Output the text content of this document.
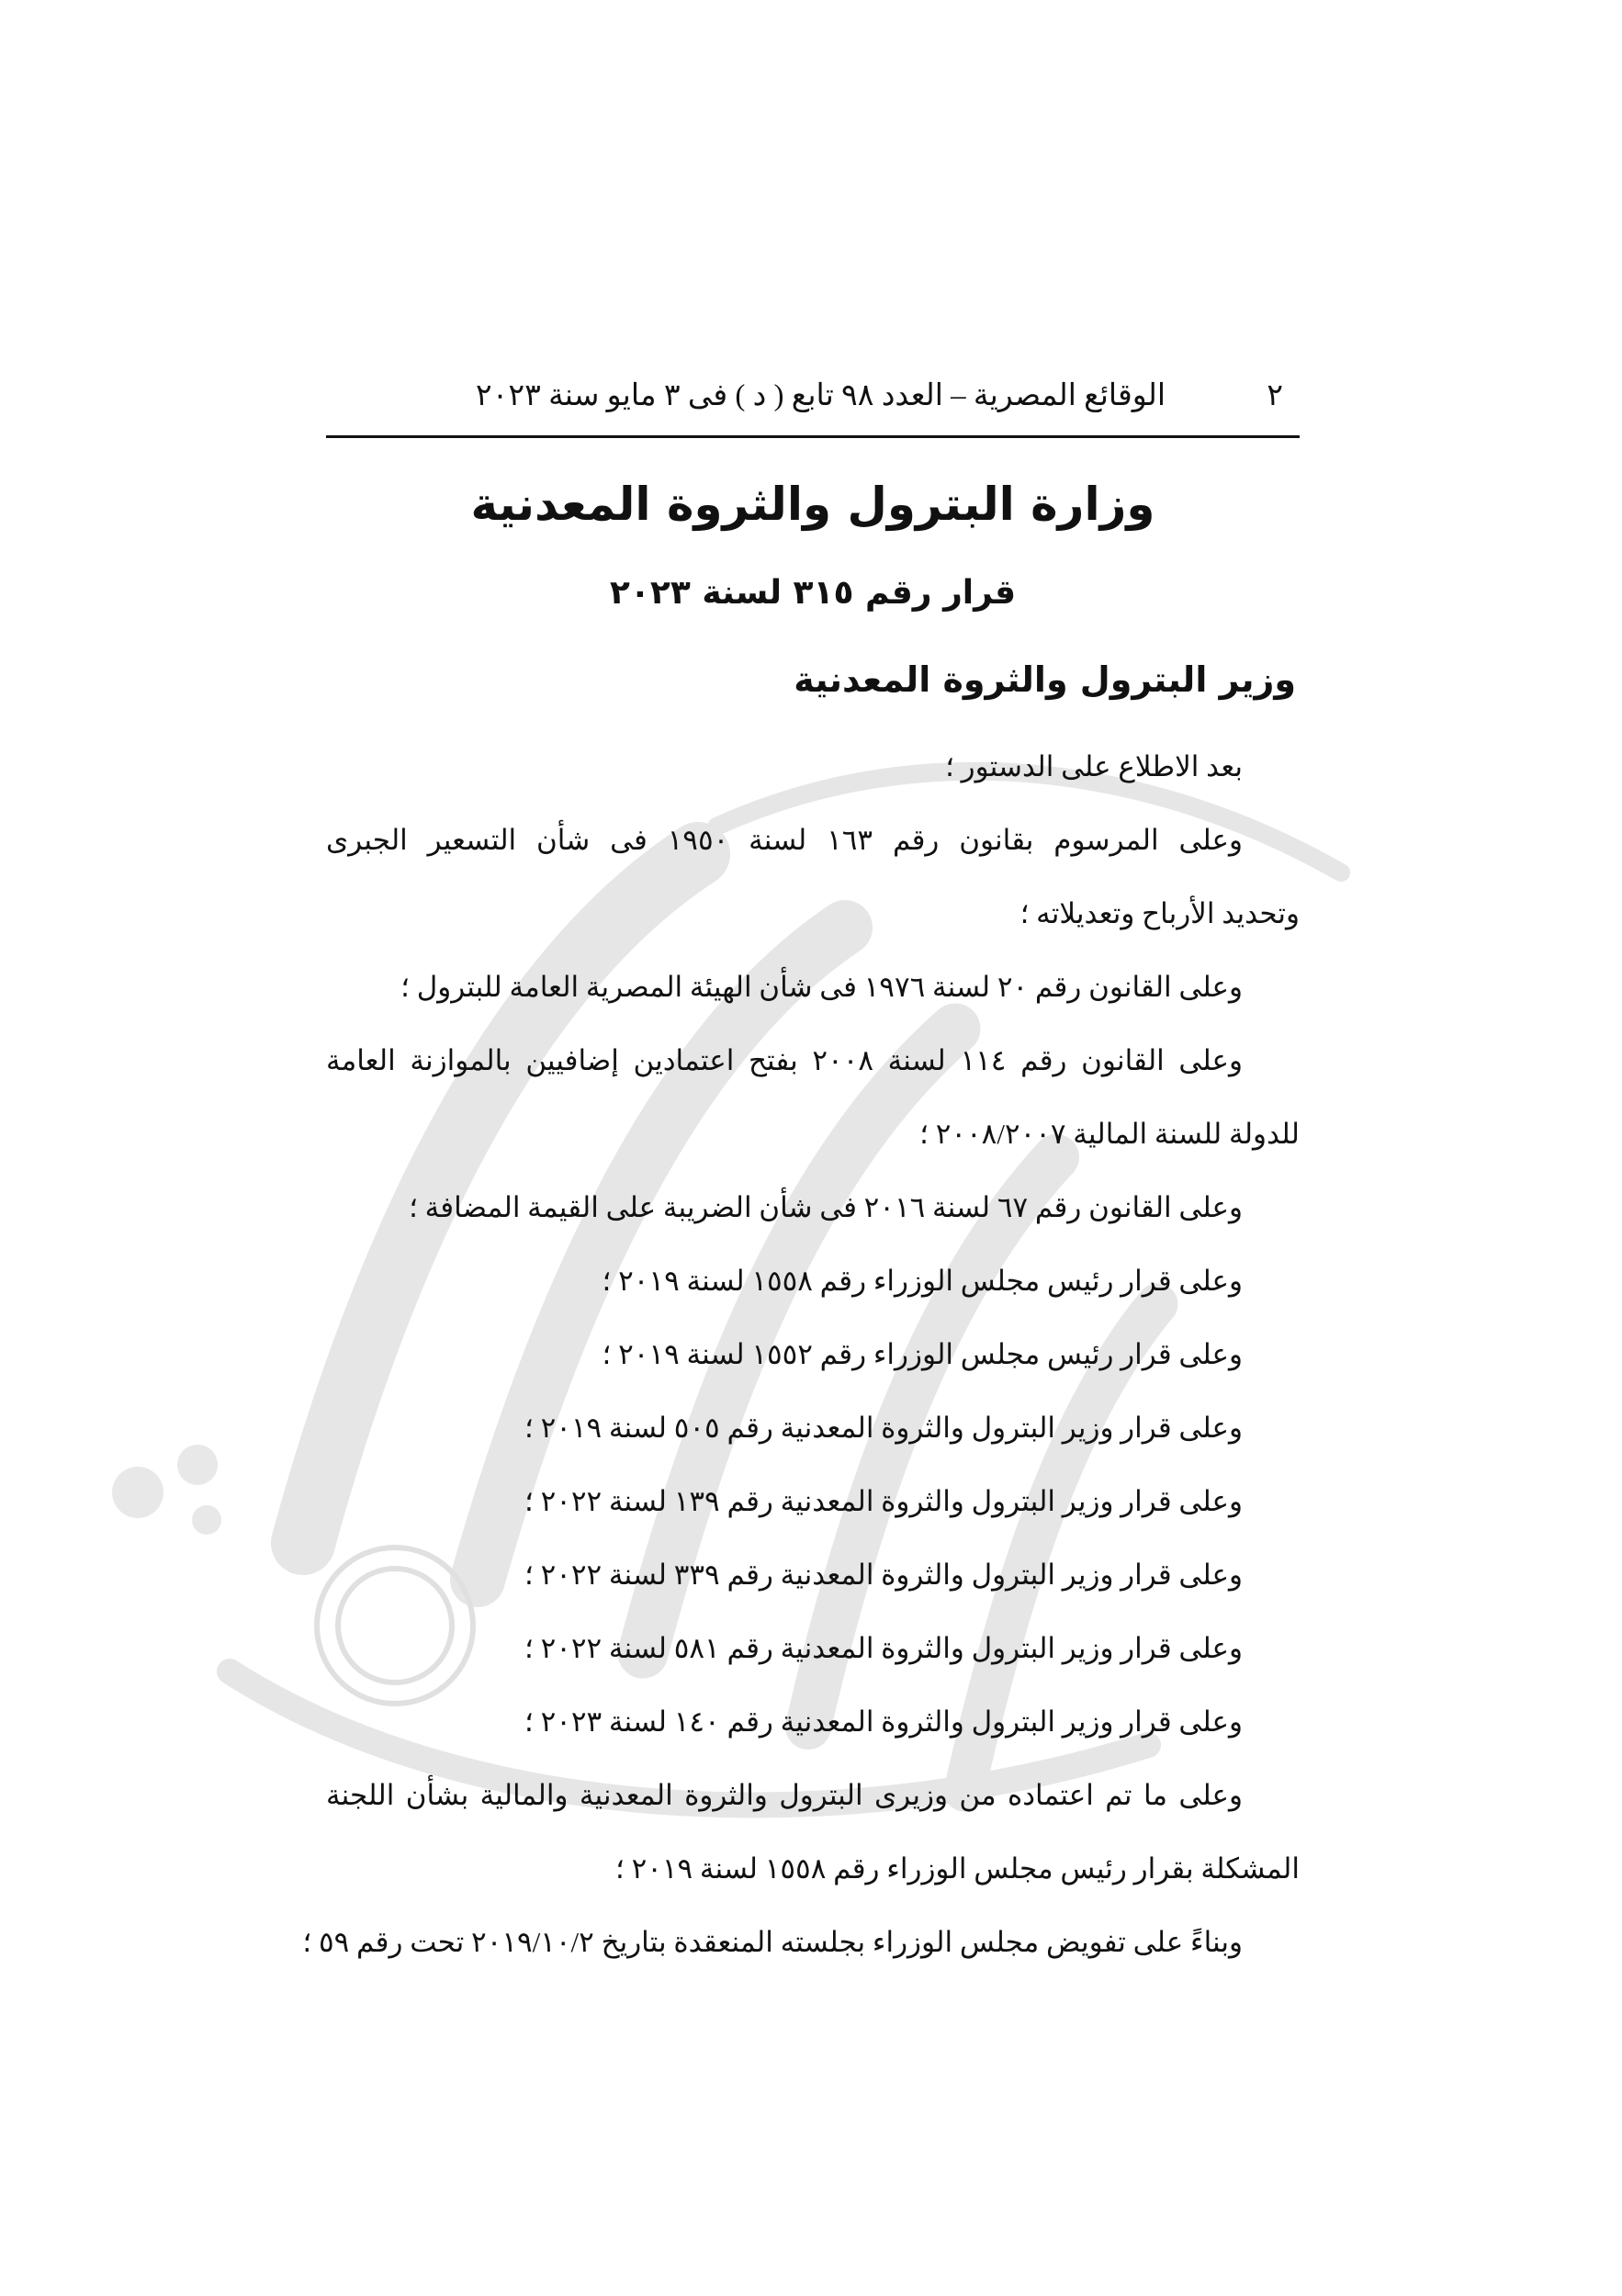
٢
الوقائع المصرية – العدد ٩٨ تابع ( د ) فى ٣ مايو سنة ٢٠٢٣
وزارة البترول والثروة المعدنية
قرار رقم ٣١٥ لسنة ٢٠٢٣
وزير البترول والثروة المعدنية
بعد الاطلاع على الدستور ؛
وعلى المرسوم بقانون رقم ١٦٣ لسنة ١٩٥٠ فى شأن التسعير الجبرى
وتحديد الأرباح وتعديلاته ؛
وعلى القانون رقم ٢٠ لسنة ١٩٧٦ فى شأن الهيئة المصرية العامة للبترول ؛
وعلى القانون رقم ١١٤ لسنة ٢٠٠٨ بفتح اعتمادين إضافيين بالموازنة العامة
للدولة للسنة المالية ٢٠٠٨/٢٠٠٧ ؛
وعلى القانون رقم ٦٧ لسنة ٢٠١٦ فى شأن الضريبة على القيمة المضافة ؛
وعلى قرار رئيس مجلس الوزراء رقم ١٥٥٨ لسنة ٢٠١٩ ؛
وعلى قرار رئيس مجلس الوزراء رقم ١٥٥٢ لسنة ٢٠١٩ ؛
وعلى قرار وزير البترول والثروة المعدنية رقم ٥٠٥ لسنة ٢٠١٩ ؛
وعلى قرار وزير البترول والثروة المعدنية رقم ١٣٩ لسنة ٢٠٢٢ ؛
وعلى قرار وزير البترول والثروة المعدنية رقم ٣٣٩ لسنة ٢٠٢٢ ؛
وعلى قرار وزير البترول والثروة المعدنية رقم ٥٨١ لسنة ٢٠٢٢ ؛
وعلى قرار وزير البترول والثروة المعدنية رقم ١٤٠ لسنة ٢٠٢٣ ؛
وعلى ما تم اعتماده من وزيرى البترول والثروة المعدنية والمالية بشأن اللجنة
المشكلة بقرار رئيس مجلس الوزراء رقم ١٥٥٨ لسنة ٢٠١٩ ؛
وبناءً على تفويض مجلس الوزراء بجلسته المنعقدة بتاريخ ٢٠١٩/١٠/٢ تحت رقم ٥٩ ؛
